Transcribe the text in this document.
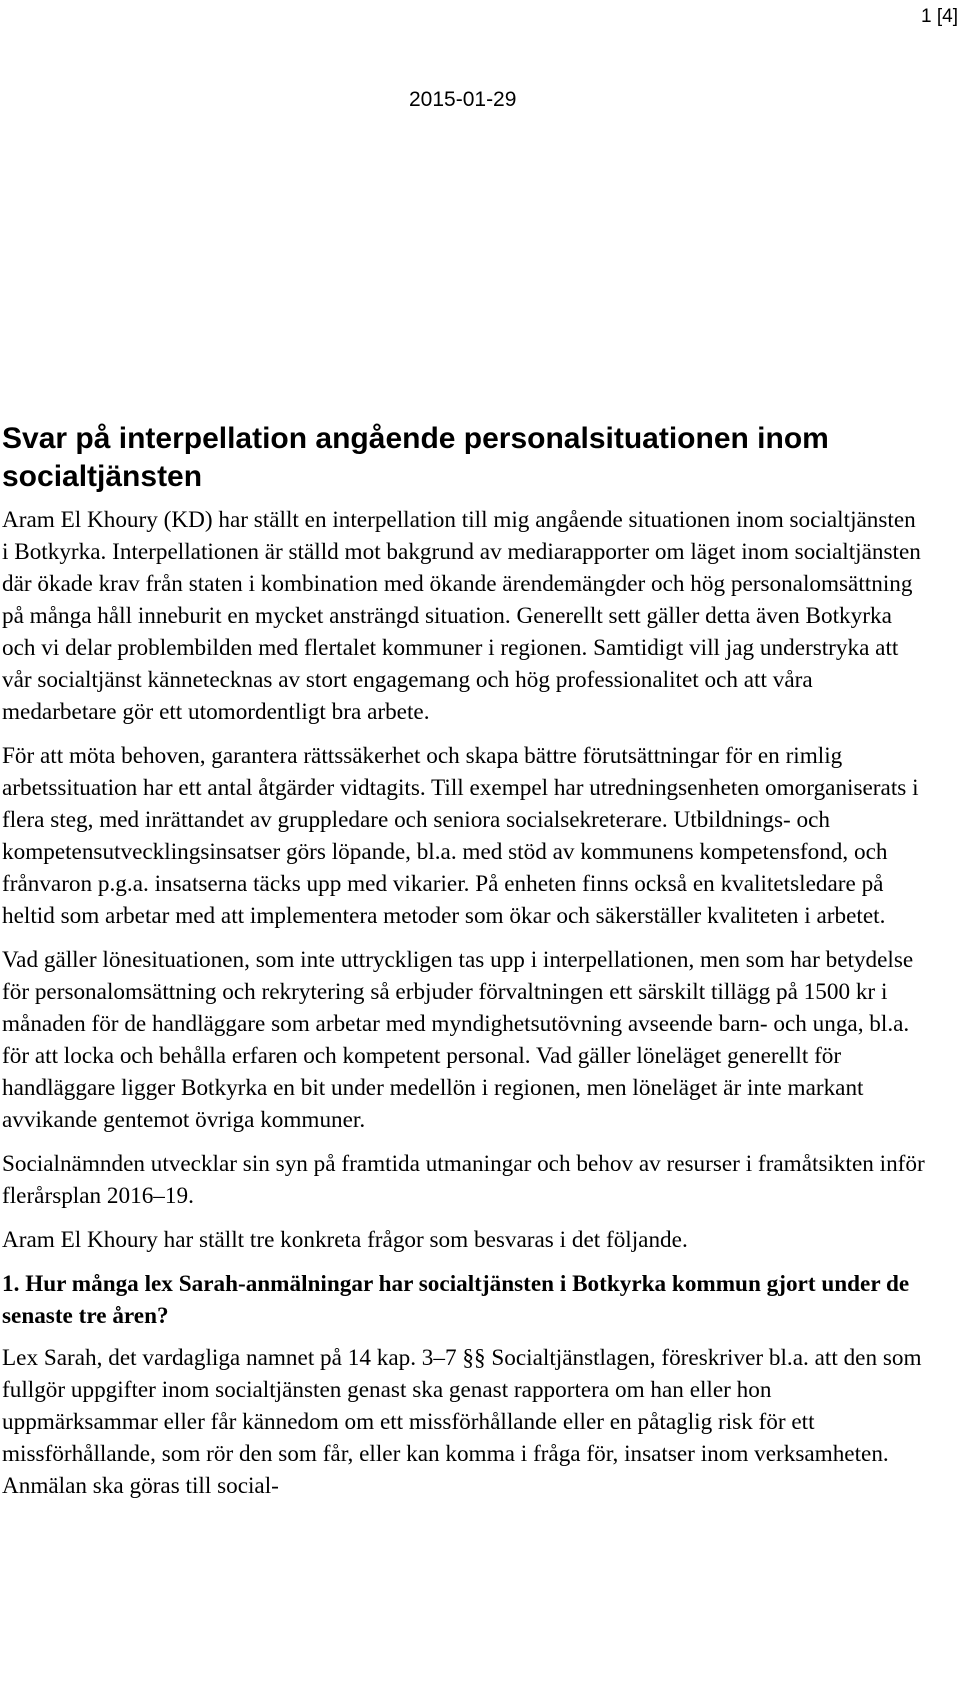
1 [4]
2015-01-29
Svar på interpellation angående personalsituationen inom socialtjänsten

Aram El Khoury (KD) har ställt en interpellation till mig angående situationen inom socialtjänsten i Botkyrka. Interpellationen är ställd mot bakgrund av mediarapporter om läget inom socialtjänsten där ökade krav från staten i kombination med ökande ärendemängder och hög personalomsättning på många håll inneburit en mycket ansträngd situation. Generellt sett gäller detta även Botkyrka och vi delar problembilden med flertalet kommuner i regionen. Samtidigt vill jag understryka att vår socialtjänst kännetecknas av stort engagemang och hög professionalitet och att våra medarbetare gör ett utomordentligt bra arbete.

För att möta behoven, garantera rättssäkerhet och skapa bättre förutsättningar för en rimlig arbetssituation har ett antal åtgärder vidtagits. Till exempel har utredningsenheten omorganiserats i flera steg, med inrättandet av gruppledare och seniora socialsekreterare. Utbildnings- och kompetensutvecklingsinsatser görs löpande, bl.a. med stöd av kommunens kompetensfond, och frånvaron p.g.a. insatserna täcks upp med vikarier. På enheten finns också en kvalitetsledare på heltid som arbetar med att implementera metoder som ökar och säkerställer kvaliteten i arbetet.

Vad gäller lönesituationen, som inte uttryckligen tas upp i interpellationen, men som har betydelse för personalomsättning och rekrytering så erbjuder förvaltningen ett särskilt tillägg på 1500 kr i månaden för de handläggare som arbetar med myndighetsutövning avseende barn- och unga, bl.a. för att locka och behålla erfaren och kompetent personal. Vad gäller löneläget generellt för handläggare ligger Botkyrka en bit under medellön i regionen, men löneläget är inte markant avvikande gentemot övriga kommuner.

Socialnämnden utvecklar sin syn på framtida utmaningar och behov av resurser i framåtsikten inför flerårsplan 2016–19.

Aram El Khoury har ställt tre konkreta frågor som besvaras i det följande.

1. Hur många lex Sarah-anmälningar har socialtjänsten i Botkyrka kommun gjort under de senaste tre åren?

Lex Sarah, det vardagliga namnet på 14 kap. 3–7 §§ Socialtjänstlagen, föreskriver bl.a. att den som fullgör uppgifter inom socialtjänsten genast ska genast rapportera om han eller hon uppmärksammar eller får kännedom om ett missförhållande eller en påtaglig risk för ett missförhållande, som rör den som får, eller kan komma i fråga för, insatser inom verksamheten. Anmälan ska göras till social-
